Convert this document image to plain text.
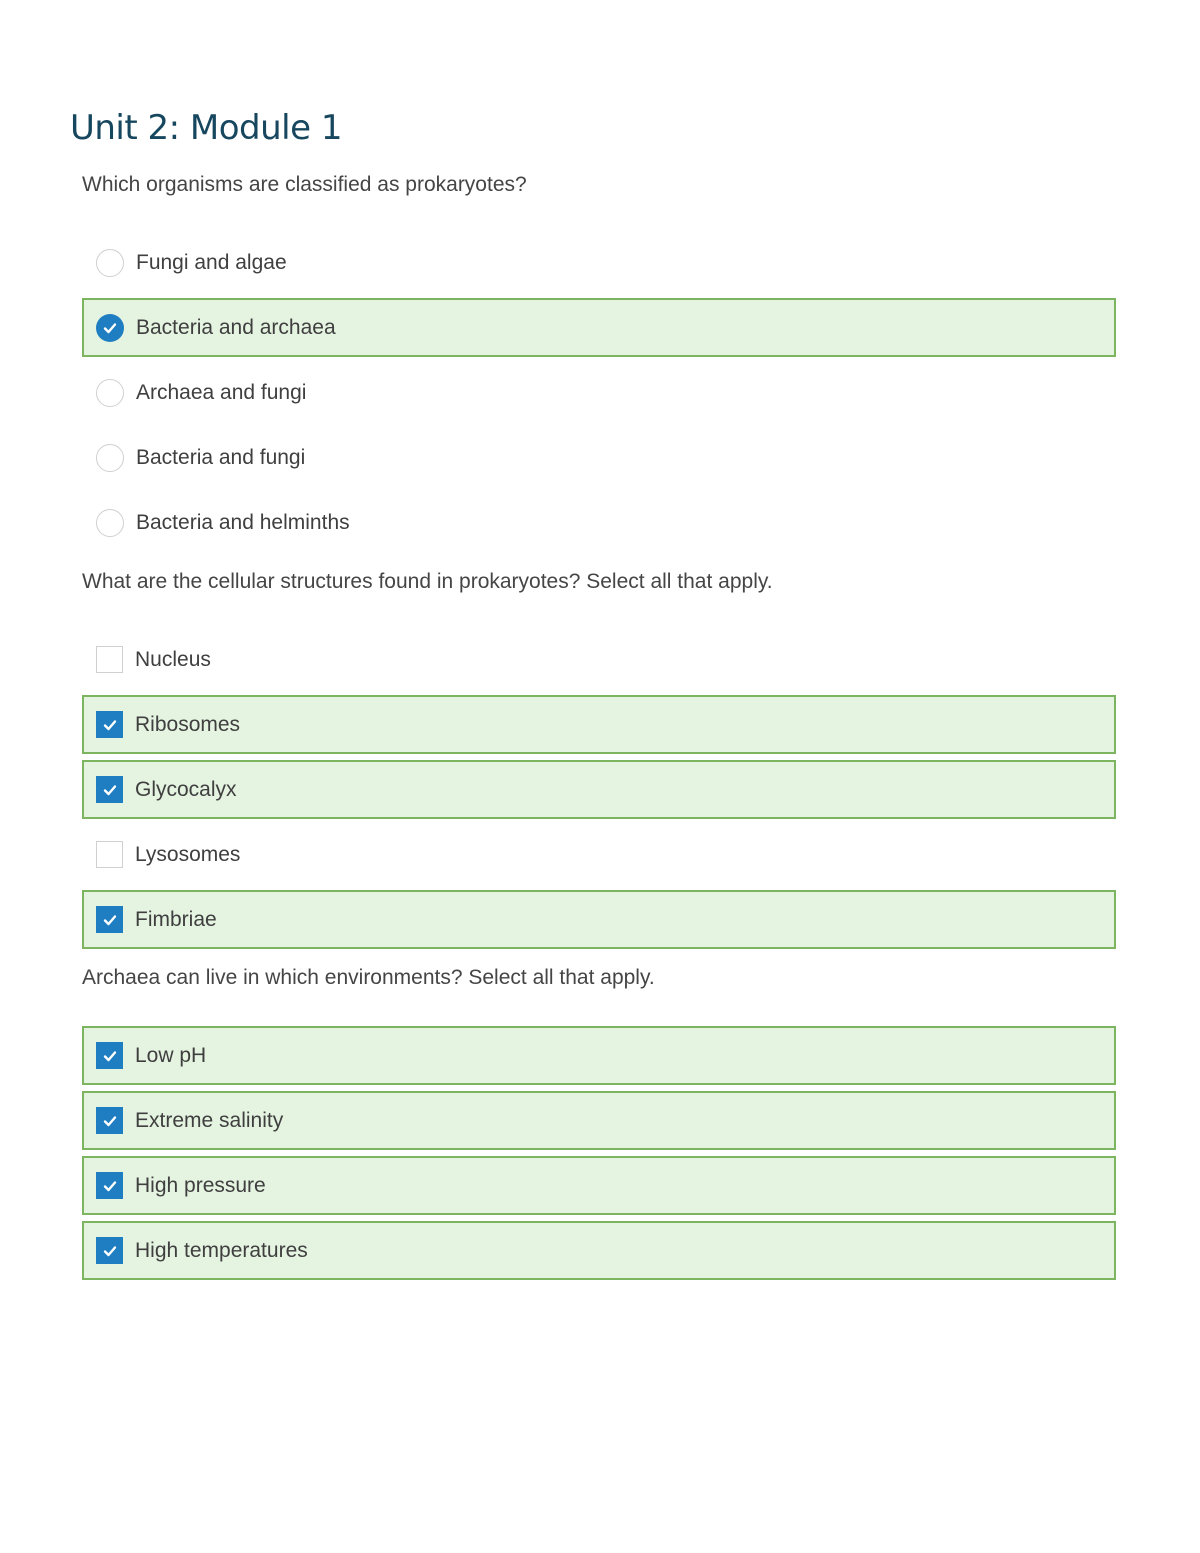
Unit 2: Module 1
Which organisms are classified as prokaryotes?
Fungi and algae
Bacteria and archaea
Archaea and fungi
Bacteria and fungi
Bacteria and helminths
What are the cellular structures found in prokaryotes? Select all that apply.
Nucleus
Ribosomes
Glycocalyx
Lysosomes
Fimbriae
Archaea can live in which environments? Select all that apply.
Low pH
Extreme salinity
High pressure
High temperatures
